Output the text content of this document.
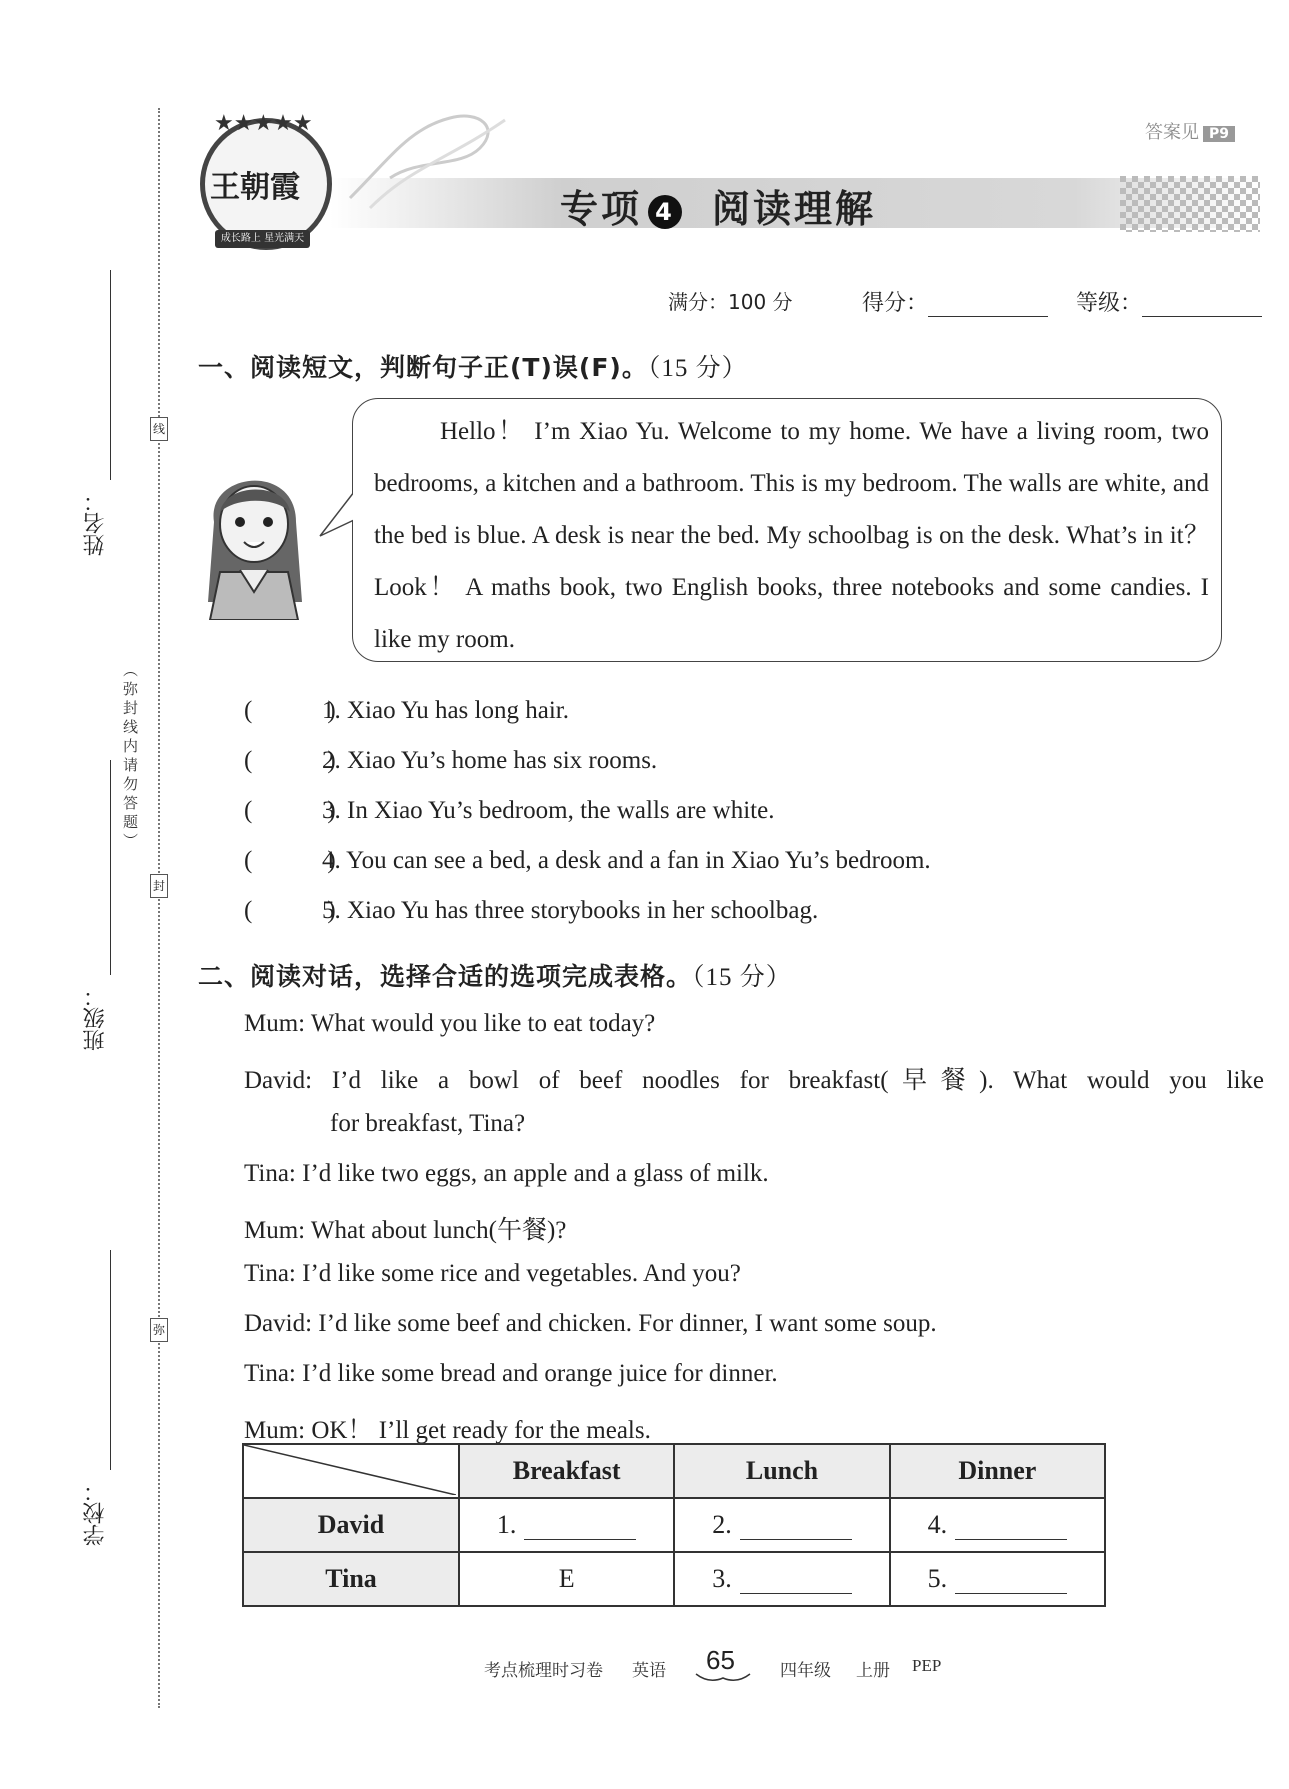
线
封
弥
姓名：
（弥封线内请勿答题）
班级：
学校：
★★★★★
王朝霞
成长路上 星光满天
答案见 P9
专项 4 阅读理解
满分：100 分	得分：	等级：
一、阅读短文，判断句子正(T)误(F)。（15 分）
Hello！ I’m Xiao Yu. Welcome to my home. We have a living room, two bedrooms, a kitchen and a bathroom. This is my bedroom. The walls are white, and the bed is blue. A desk is near the bed. My schoolbag is on the desk. What’s in it？ Look！ A maths book, two English books, three notebooks and some candies. I like my room.
(　　　)1. Xiao Yu has long hair.
(　　　)2. Xiao Yu’s home has six rooms.
(　　　)3. In Xiao Yu’s bedroom, the walls are white.
(　　　)4. You can see a bed, a desk and a fan in Xiao Yu’s bedroom.
(　　　)5. Xiao Yu has three storybooks in her schoolbag.
二、阅读对话，选择合适的选项完成表格。（15 分）
Mum: What would you like to eat today?
David: I’d like a bowl of beef noodles for breakfast(早餐). What would you like
for breakfast, Tina?
Tina: I’d like two eggs, an apple and a glass of milk.
Mum: What about lunch(午餐)?
Tina: I’d like some rice and vegetables. And you?
David: I’d like some beef and chicken. For dinner, I want some soup.
Tina: I’d like some bread and orange juice for dinner.
Mum: OK！ I’ll get ready for the meals.
	Breakfast	Lunch	Dinner
David	1.	2.	4.
Tina	E	3.	5.
考点梳理时习卷 英语 65	四年级 上册 PEP
